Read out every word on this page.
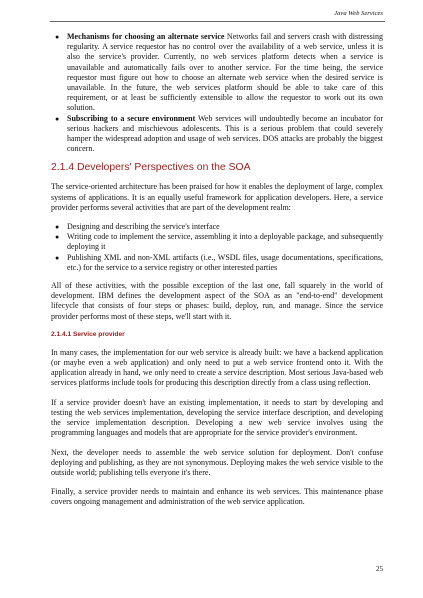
Java Web Services
● Mechanisms for choosing an alternate service Networks fail and servers crash with distressing regularity. A service requestor has no control over the availability of a web service, unless it is also the service's provider. Currently, no web services platform detects when a service is unavailable and automatically fails over to another service. For the time being, the service requestor must figure out how to choose an alternate web service when the desired service is unavailable. In the future, the web services platform should be able to take care of this requirement, or at least be sufficiently extensible to allow the requestor to work out its own solution.
● Subscribing to a secure environment Web services will undoubtedly become an incubator for serious hackers and mischievous adolescents. This is a serious problem that could severely hamper the widespread adoption and usage of web services. DOS attacks are probably the biggest concern.
2.1.4 Developers' Perspectives on the SOA

The service-oriented architecture has been praised for how it enables the deployment of large, complex systems of applications. It is an equally useful framework for application developers. Here, a service provider performs several activities that are part of the development realm:

● Designing and describing the service's interface
● Writing code to implement the service, assembling it into a deployable package, and subsequently deploying it
● Publishing XML and non-XML artifacts (i.e., WSDL files, usage documentations, specifications, etc.) for the service to a service registry or other interested parties

All of these activities, with the possible exception of the last one, fall squarely in the world of development. IBM defines the development aspect of the SOA as an "end-to-end" development lifecycle that consists of four steps or phases: build, deploy, run, and manage. Since the service provider performs most of these steps, we'll start with it.

2.1.4.1 Service provider

In many cases, the implementation for our web service is already built: we have a backend application (or maybe even a web application) and only need to put a web service frontend onto it. With the application already in hand, we only need to create a service description. Most serious Java-based web services platforms include tools for producing this description directly from a class using reflection.

If a service provider doesn't have an existing implementation, it needs to start by developing and testing the web services implementation, developing the service interface description, and developing the service implementation description. Developing a new web service involves using the programming languages and models that are appropriate for the service provider's environment.

Next, the developer needs to assemble the web service solution for deployment. Don't confuse deploying and publishing, as they are not synonymous. Deploying makes the web service visible to the outside world; publishing tells everyone it's there.

Finally, a service provider needs to maintain and enhance its web services. This maintenance phase covers ongoing management and administration of the web service application.

25
